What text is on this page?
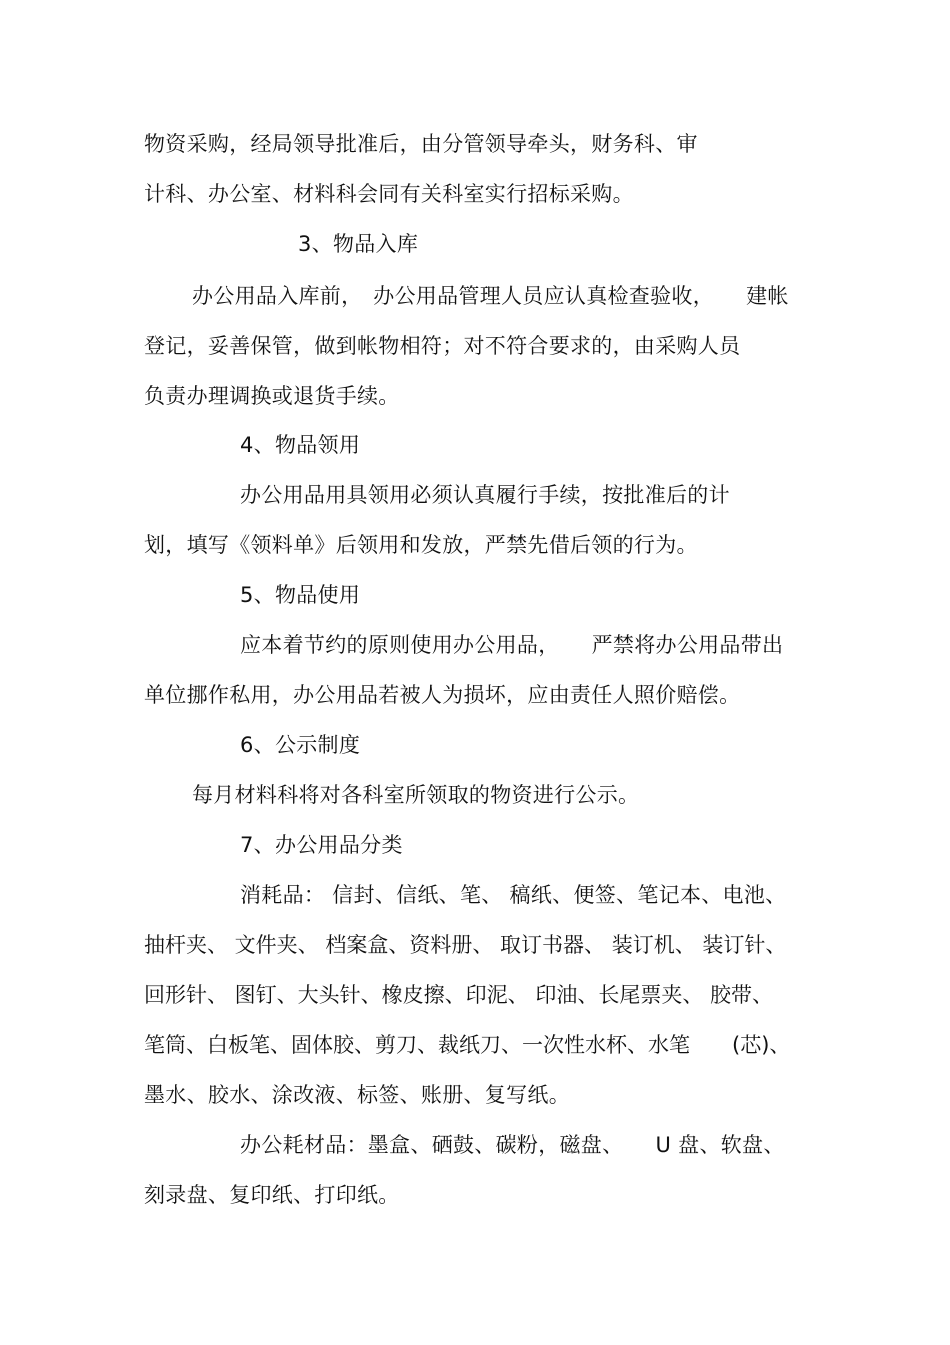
物资采购，经局领导批准后，由分管领导牵头，财务科、审
计科、办公室、材料科会同有关科室实行招标采购。
3、物品入库
办公用品入库前，　办公用品管理人员应认真检查验收，　　建帐
登记，妥善保管，做到帐物相符；对不符合要求的，由采购人员
负责办理调换或退货手续。
4、物品领用
办公用品用具领用必须认真履行手续，按批准后的计
划，填写《领料单》后领用和发放，严禁先借后领的行为。
5、物品使用
应本着节约的原则使用办公用品，　　严禁将办公用品带出
单位挪作私用，办公用品若被人为损坏，应由责任人照价赔偿。
6、公示制度
每月材料科将对各科室所领取的物资进行公示。
7、办公用品分类
消耗品： 信封、信纸、笔、 稿纸、便签、笔记本、电池、
抽杆夹、 文件夹、 档案盒、资料册、 取订书器、 装订机、 装订针、
回形针、 图钉、大头针、橡皮擦、印泥、 印油、长尾票夹、 胶带、
笔筒、白板笔、固体胶、剪刀、裁纸刀、一次性水杯、水笔　　(芯)、
墨水、胶水、涂改液、标签、账册、复写纸。
办公耗材品：墨盒、硒鼓、碳粉，磁盘、　　U 盘、软盘、
刻录盘、复印纸、打印纸。
